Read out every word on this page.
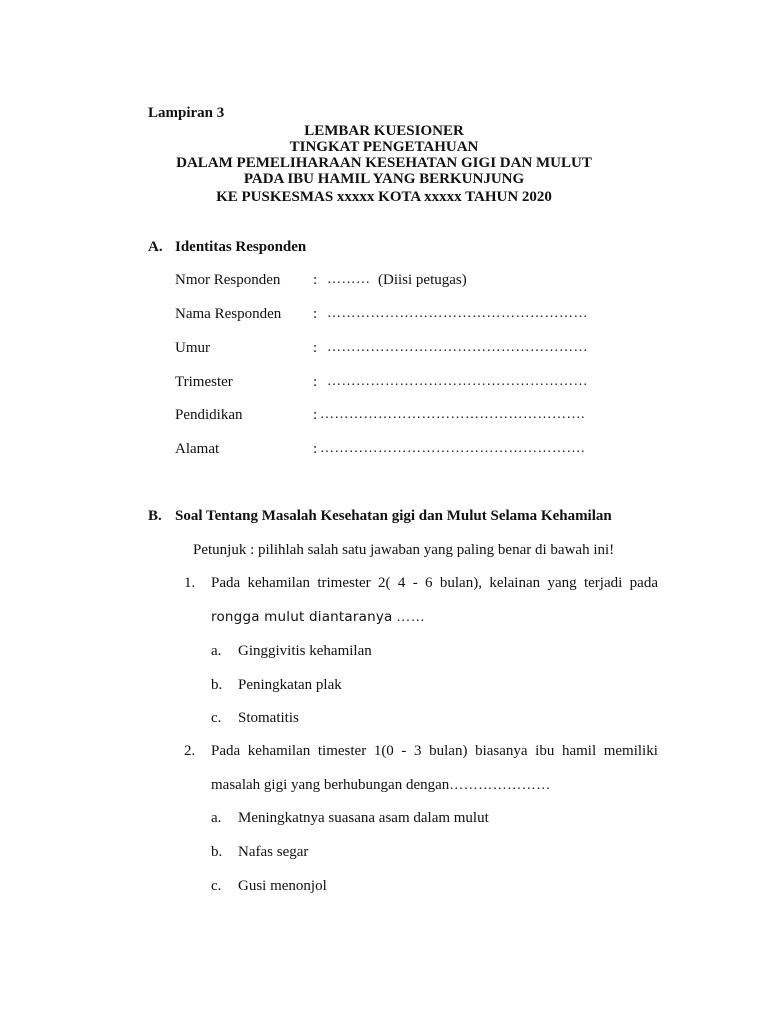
Lampiran 3
LEMBAR KUESIONER
TINGKAT PENGETAHUAN
DALAM PEMELIHARAAN KESEHATAN GIGI DAN MULUT
PADA IBU HAMIL YANG BERKUNJUNG
KE PUSKESMAS xxxxx KOTA xxxxx TAHUN 2020
A. Identitas Responden
Nmor Responden : ……… (Diisi petugas)
Nama Responden : ………………………………………………
Umur	: ………………………………………………
Trimester	: ………………………………………………
Pendidikan	: ……………………………………………….
Alamat	: ……………………………………………….
B. Soal Tentang Masalah Kesehatan gigi dan Mulut Selama Kehamilan
Petunjuk : pilihlah salah satu jawaban yang paling benar di bawah ini!
1. Pada kehamilan trimester 2( 4 - 6 bulan), kelainan yang terjadi pada
rongga mulut diantaranya ……
a. Ginggivitis kehamilan
b. Peningkatan plak
c. Stomatitis
2. Pada kehamilan timester 1(0 - 3 bulan) biasanya ibu hamil memiliki
masalah gigi yang berhubungan dengan…………………
a. Meningkatnya suasana asam dalam mulut
b. Nafas segar
c. Gusi menonjol
